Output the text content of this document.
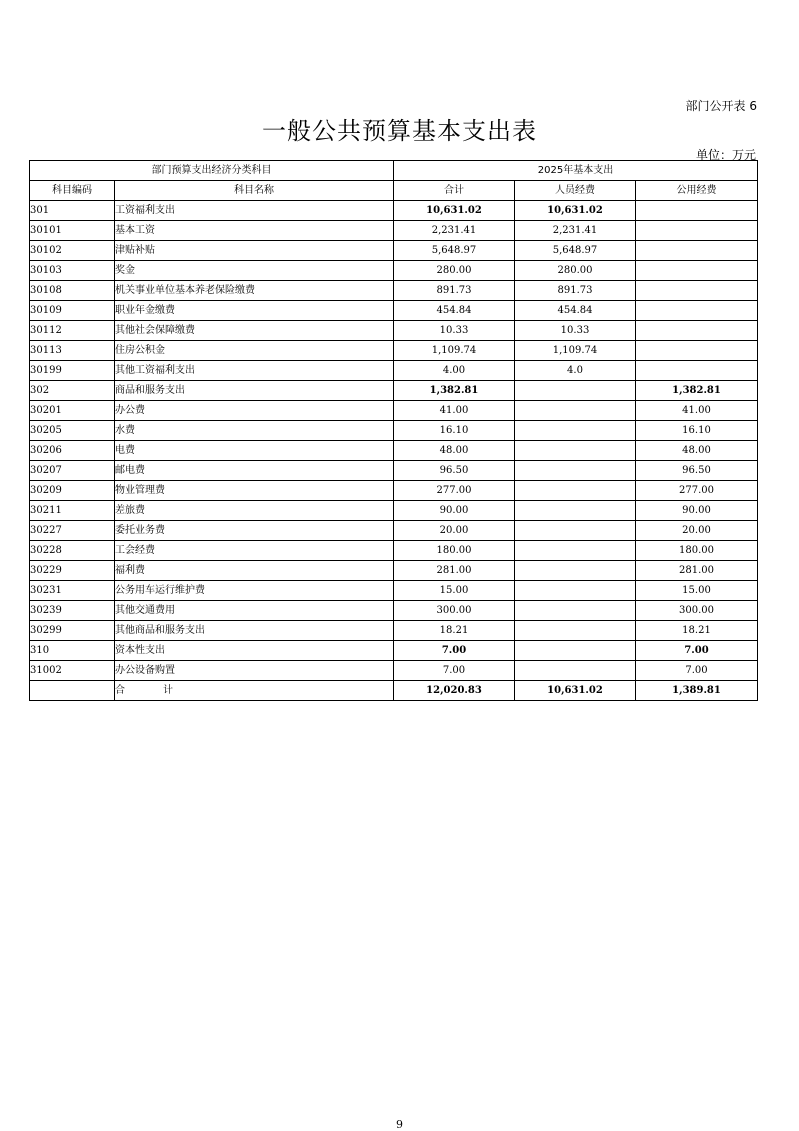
部门公开表 6
一般公共预算基本支出表
单位：万元
部门预算支出经济分类科目		2025年基本支出		
科目编码	科目名称	合计	人员经费	公用经费
301	工资福利支出	10,631.02	10,631.02	
30101	基本工资	2,231.41	2,231.41	
30102	津贴补贴	5,648.97	5,648.97	
30103	奖金	280.00	280.00	
30108	机关事业单位基本养老保险缴费	891.73	891.73	
30109	职业年金缴费	454.84	454.84	
30112	其他社会保障缴费	10.33	10.33	
30113	住房公积金	1,109.74	1,109.74	
30199	其他工资福利支出	4.00	4.0	
302	商品和服务支出	1,382.81		1,382.81
30201	办公费	41.00		41.00
30205	水费	16.10		16.10
30206	电费	48.00		48.00
30207	邮电费	96.50		96.50
30209	物业管理费	277.00		277.00
30211	差旅费	90.00		90.00
30227	委托业务费	20.00		20.00
30228	工会经费	180.00		180.00
30229	福利费	281.00		281.00
30231	公务用车运行维护费	15.00		15.00
30239	其他交通费用	300.00		300.00
30299	其他商品和服务支出	18.21		18.21
310	资本性支出	7.00		7.00
31002	办公设备购置	7.00		7.00
	合　　　计	12,020.83	10,631.02	1,389.81
9
